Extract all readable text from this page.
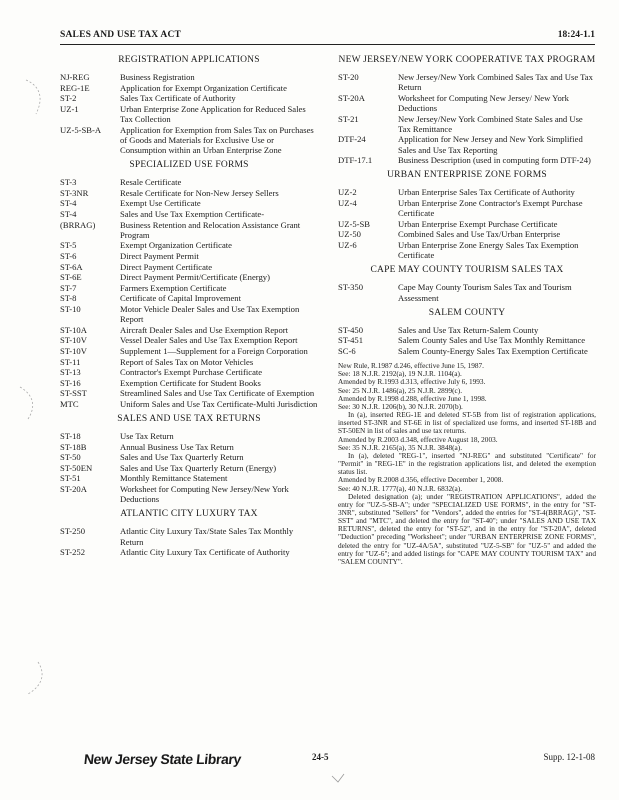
SALES AND USE TAX ACT	18:24-1.1
REGISTRATION APPLICATIONS
NJ-REG	Business Registration
REG-1E	Application for Exempt Organization Certificate
ST-2	Sales Tax Certificate of Authority
UZ-1	Urban Enterprise Zone Application for Reduced Sales Tax Collection
UZ-5-SB-A	Application for Exemption from Sales Tax on Purchases of Goods and Materials for Exclusive Use or Consumption within an Urban Enterprise Zone
SPECIALIZED USE FORMS
ST-3	Resale Certificate
ST-3NR	Resale Certificate for Non-New Jersey Sellers
ST-4	Exempt Use Certificate
ST-4	Sales and Use Tax Exemption Certificate-
(BRRAG)	Business Retention and Relocation Assistance Grant Program
ST-5	Exempt Organization Certificate
ST-6	Direct Payment Permit
ST-6A	Direct Payment Certificate
ST-6E	Direct Payment Permit/Certificate (Energy)
ST-7	Farmers Exemption Certificate
ST-8	Certificate of Capital Improvement
ST-10	Motor Vehicle Dealer Sales and Use Tax Exemption Report
ST-10A	Aircraft Dealer Sales and Use Exemption Report
ST-10V	Vessel Dealer Sales and Use Tax Exemption Report
ST-10V	Supplement 1—Supplement for a Foreign Corporation
ST-11	Report of Sales Tax on Motor Vehicles
ST-13	Contractor's Exempt Purchase Certificate
ST-16	Exemption Certificate for Student Books
ST-SST	Streamlined Sales and Use Tax Certificate of Exemption
MTC	Uniform Sales and Use Tax Certificate-Multi Jurisdiction
SALES AND USE TAX RETURNS
ST-18	Use Tax Return
ST-18B	Annual Business Use Tax Return
ST-50	Sales and Use Tax Quarterly Return
ST-50EN	Sales and Use Tax Quarterly Return (Energy)
ST-51	Monthly Remittance Statement
ST-20A	Worksheet for Computing New Jersey/New York Deductions
ATLANTIC CITY LUXURY TAX
ST-250	Atlantic City Luxury Tax/State Sales Tax Monthly Return
ST-252	Atlantic City Luxury Tax Certificate of Authority
NEW JERSEY/NEW YORK COOPERATIVE TAX PROGRAM
ST-20	New Jersey/New York Combined Sales Tax and Use Tax Return
ST-20A	Worksheet for Computing New Jersey/ New York Deductions
ST-21	New Jersey/New York Combined State Sales and Use Tax Remittance
DTF-24	Application for New Jersey and New York Simplified Sales and Use Tax Reporting
DTF-17.1	Business Description (used in computing form DTF-24)
URBAN ENTERPRISE ZONE FORMS
UZ-2	Urban Enterprise Sales Tax Certificate of Authority
UZ-4	Urban Enterprise Zone Contractor's Exempt Purchase Certificate
UZ-5-SB	Urban Enterprise Exempt Purchase Certificate
UZ-50	Combined Sales and Use Tax/Urban Enterprise
UZ-6	Urban Enterprise Zone Energy Sales Tax Exemption Certificate
CAPE MAY COUNTY TOURISM SALES TAX
ST-350	Cape May County Tourism Sales Tax and Tourism Assessment
SALEM COUNTY
ST-450	Sales and Use Tax Return-Salem County
ST-451	Salem County Sales and Use Tax Monthly Remittance
SC-6	Salem County-Energy Sales Tax Exemption Certificate

New Rule, R.1987 d.246, effective June 15, 1987.

See: 18 N.J.R. 2192(a), 19 N.J.R. 1104(a).

Amended by R.1993 d.313, effective July 6, 1993.

See: 25 N.J.R. 1486(a), 25 N.J.R. 2899(c).

Amended by R.1998 d.288, effective June 1, 1998.

See: 30 N.J.R. 1206(b), 30 N.J.R. 2070(b).

In (a), inserted REG-1E and deleted ST-5B from list of registration applications, inserted ST-3NR and ST-6E in list of specialized use forms, and inserted ST-18B and ST-50EN in list of sales and use tax returns.

Amended by R.2003 d.348, effective August 18, 2003.

See: 35 N.J.R. 2165(a), 35 N.J.R. 3848(a).

In (a), deleted "REG-1", inserted "NJ-REG" and substituted "Certificate" for "Permit" in "REG-1E" in the registration applications list, and deleted the exemption status list.

Amended by R.2008 d.356, effective December 1, 2008.

See: 40 N.J.R. 1777(a), 40 N.J.R. 6832(a).

Deleted designation (a); under "REGISTRATION APPLICATIONS", added the entry for "UZ-5-SB-A"; under "SPECIALIZED USE FORMS", in the entry for "ST-3NR", substituted "Sellers" for "Vendors", added the entries for "ST-4(BRRAG)", "ST-SST" and "MTC", and deleted the entry for "ST-40"; under "SALES AND USE TAX RETURNS", deleted the entry for "ST-52", and in the entry for "ST-20A", deleted "Deduction" preceding "Worksheet"; under "URBAN ENTERPRISE ZONE FORMS", deleted the entry for "UZ-4A/5A", substituted "UZ-5-SB" for "UZ-5" and added the entry for "UZ-6"; and added listings for "CAPE MAY COUNTY TOURISM TAX" and "SALEM COUNTY".

New Jersey State Library	24-5	Supp. 12-1-08
